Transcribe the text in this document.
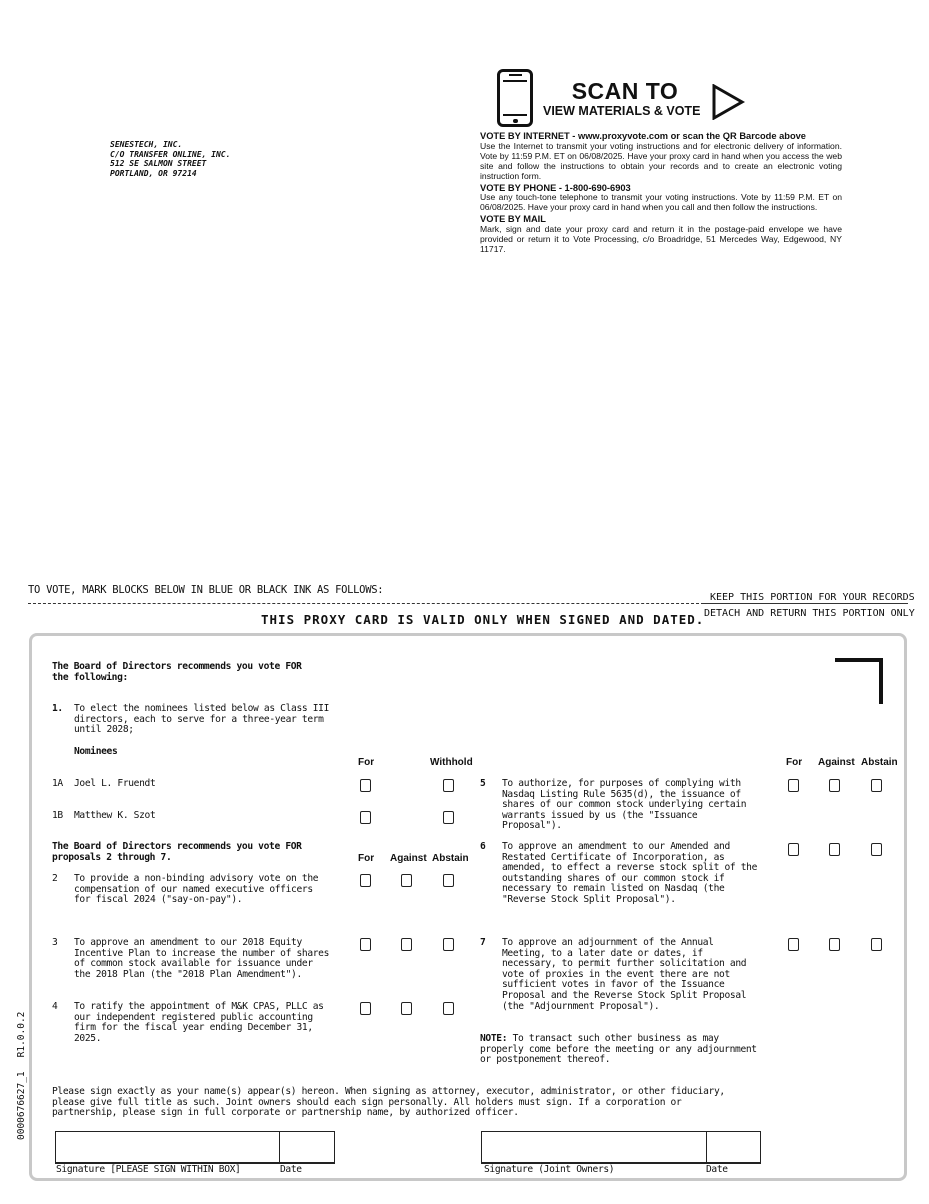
SENESTECH, INC.
C/O TRANSFER ONLINE, INC.
512 SE SALMON STREET
PORTLAND, OR 97214
SCAN TO
VIEW MATERIALS & VOTE
VOTE BY INTERNET - www.proxyvote.com or scan the QR Barcode above

Use the Internet to transmit your voting instructions and for electronic delivery of information. Vote by 11:59 P.M. ET on 06/08/2025. Have your proxy card in hand when you access the web site and follow the instructions to obtain your records and to create an electronic voting instruction form.

VOTE BY PHONE - 1-800-690-6903

Use any touch-tone telephone to transmit your voting instructions. Vote by 11:59 P.M. ET on 06/08/2025. Have your proxy card in hand when you call and then follow the instructions.

VOTE BY MAIL

Mark, sign and date your proxy card and return it in the postage-paid envelope we have provided or return it to Vote Processing, c/o Broadridge, 51 Mercedes Way, Edgewood, NY 11717.

TO VOTE, MARK BLOCKS BELOW IN BLUE OR BLACK INK AS FOLLOWS:
KEEP THIS PORTION FOR YOUR RECORDS
DETACH AND RETURN THIS PORTION ONLY
THIS PROXY CARD IS VALID ONLY WHEN SIGNED AND DATED.
The Board of Directors recommends you vote FOR
the following:
1. To elect the nominees listed below as Class III
directors, each to serve for a three-year term
until 2028;
Nominees
For	Withhold
1A Joel L. Fruendt
1B Matthew K. Szot
The Board of Directors recommends you vote FOR
proposals 2 through 7.	For Against Abstain
2 To provide a non-binding advisory vote on the
compensation of our named executive officers
for fiscal 2024 ("say-on-pay").
3 To approve an amendment to our 2018 Equity
Incentive Plan to increase the number of shares
of common stock available for issuance under
the 2018 Plan (the "2018 Plan Amendment").
4 To ratify the appointment of M&K CPAS, PLLC as
our independent registered public accounting
firm for the fiscal year ending December 31,
2025.
For Against Abstain
5 To authorize, for purposes of complying with
Nasdaq Listing Rule 5635(d), the issuance of
shares of our common stock underlying certain
warrants issued by us (the "Issuance
Proposal").
6 To approve an amendment to our Amended and
Restated Certificate of Incorporation, as
amended, to effect a reverse stock split of the
outstanding shares of our common stock if
necessary to remain listed on Nasdaq (the
"Reverse Stock Split Proposal").
7 To approve an adjournment of the Annual
Meeting, to a later date or dates, if
necessary, to permit further solicitation and
vote of proxies in the event there are not
sufficient votes in favor of the Issuance
Proposal and the Reverse Stock Split Proposal
(the "Adjournment Proposal").
NOTE: To transact such other business as may
properly come before the meeting or any adjournment
or postponement thereof.
Please sign exactly as your name(s) appear(s) hereon. When signing as attorney, executor, administrator, or other fiduciary,
please give full title as such. Joint owners should each sign personally. All holders must sign. If a corporation or
partnership, please sign in full corporate or partnership name, by authorized officer.
Signature [PLEASE SIGN WITHIN BOX]	Date	Signature (Joint Owners)	Date
0000676627_1R1.0.0.2
